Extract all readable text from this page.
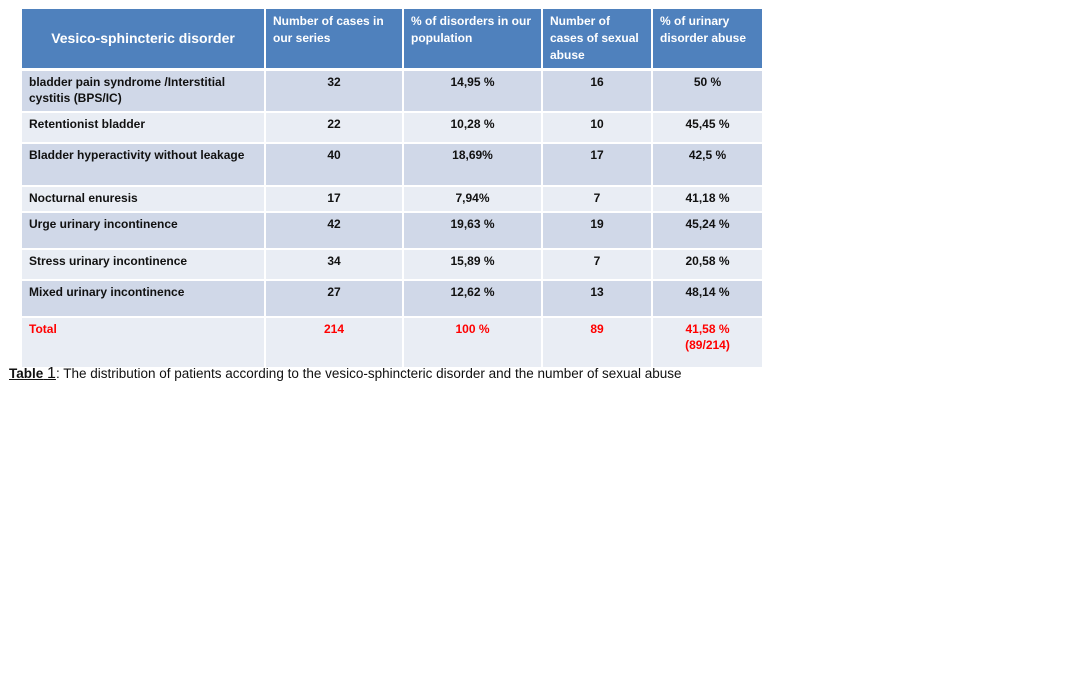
Vesico-sphincteric disorder	Number of cases in our series	% of disorders in our population	Number of cases of sexual abuse	% of urinary disorder abuse
bladder pain syndrome /Interstitial cystitis (BPS/IC)	32	14,95 %	16	50 %
Retentionist bladder	22	10,28 %	10	45,45 %
Bladder hyperactivity without leakage	40	18,69%	17	42,5 %
Nocturnal enuresis	17	7,94%	7	41,18 %
Urge urinary incontinence	42	19,63 %	19	45,24 %
Stress urinary incontinence	34	15,89 %	7	20,58 %
Mixed urinary incontinence	27	12,62 %	13	48,14 %
Total	214	100 %	89	41,58 %
(89/214)
Table 1: The distribution of patients according to the vesico-sphincteric disorder and the number of sexual abuse
